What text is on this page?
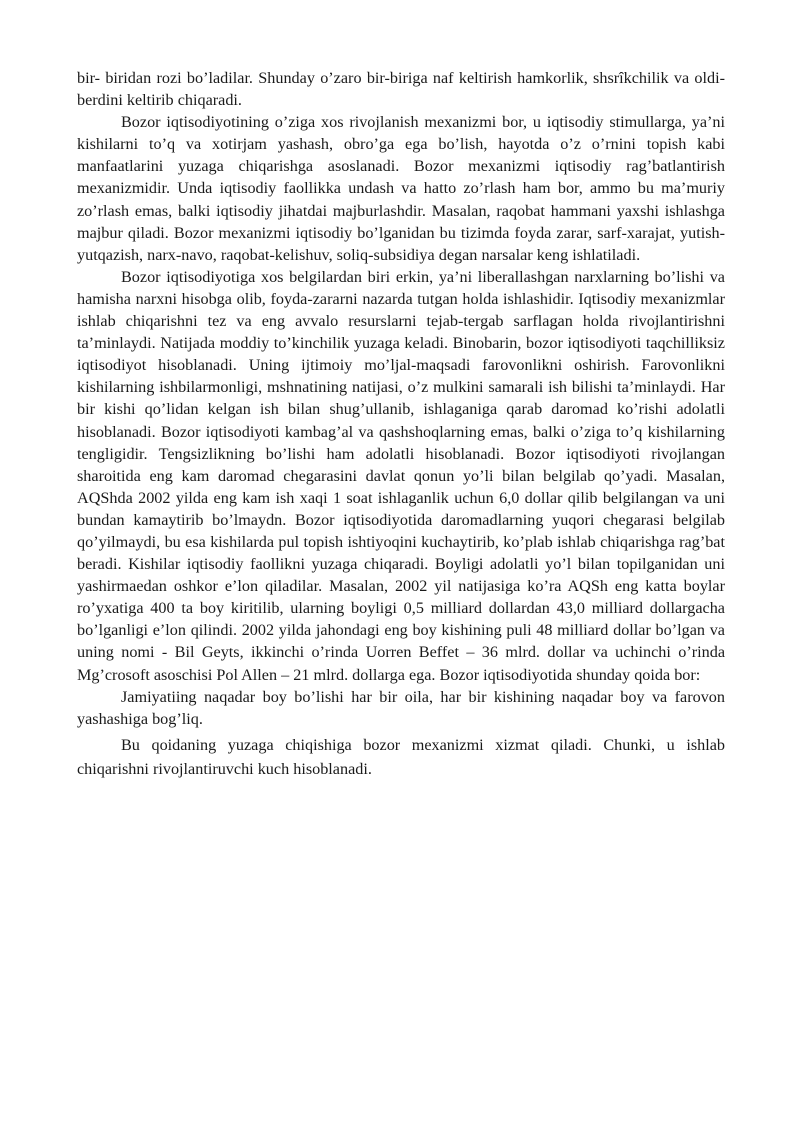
bir- biridan rozi bo’ladilar. Shunday o’zaro bir-biriga naf keltirish hamkorlik, shsrîkchilik va oldi-berdini keltirib chiqaradi.

Bozor iqtisodiyotining o’ziga xos rivojlanish mexanizmi bor, u iqtisodiy stimullarga, ya’ni kishilarni to’q va xotirjam yashash, obro’ga ega bo’lish, hayotda o’z o’rnini topish kabi manfaatlarini yuzaga chiqarishga asoslanadi. Bozor mexanizmi iqtisodiy rag’batlantirish mexanizmidir. Unda iqtisodiy faollikka undash va hatto zo’rlash ham bor, ammo bu ma’muriy zo’rlash emas, balki iqtisodiy jihatdai majburlashdir. Masalan, raqobat hammani yaxshi ishlashga majbur qiladi. Bozor mexanizmi iqtisodiy bo’lganidan bu tizimda foyda zarar, sarf-xarajat, yutish-yutqazish, narx-navo, raqobat-kelishuv, soliq-subsidiya degan narsalar keng ishlatiladi.

Bozor iqtisodiyotiga xos belgilardan biri erkin, ya’ni liberallashgan narxlarning bo’lishi va hamisha narxni hisobga olib, foyda-zararni nazarda tutgan holda ishlashidir. Iqtisodiy mexanizmlar ishlab chiqarishni tez va eng avvalo resurslarni tejab-tergab sarflagan holda rivojlantirishni ta’minlaydi. Natijada moddiy to’kinchilik yuzaga keladi. Binobarin, bozor iqtisodiyoti taqchilliksiz iqtisodiyot hisoblanadi. Uning ijtimoiy mo’ljal-maqsadi farovonlikni oshirish. Farovonlikni kishilarning ishbilarmonligi, mshnatining natijasi, o’z mulkini samarali ish bilishi ta’minlaydi. Har bir kishi qo’lidan kelgan ish bilan shug’ullanib, ishlaganiga qarab daromad ko’rishi adolatli hisoblanadi. Bozor iqtisodiyoti kambag’al va qashshoqlarning emas, balki o’ziga to’q kishilarning tengligidir. Tengsizlikning bo’lishi ham adolatli hisoblanadi. Bozor iqtisodiyoti rivojlangan sharoitida eng kam daromad chegarasini davlat qonun yo’li bilan belgilab qo’yadi. Masalan, AQShda 2002 yilda eng kam ish xaqi 1 soat ishlaganlik uchun 6,0 dollar qilib belgilangan va uni bundan kamaytirib bo’lmaydn. Bozor iqtisodiyotida daromadlarning yuqori chegarasi belgilab qo’yilmaydi, bu esa kishilarda pul topish ishtiyoqini kuchaytirib, ko’plab ishlab chiqarishga rag’bat beradi. Kishilar iqtisodiy faollikni yuzaga chiqaradi. Boyligi adolatli yo’l bilan topilganidan uni yashirmaedan oshkor e’lon qiladilar. Masalan, 2002 yil natijasiga ko’ra AQSh eng katta boylar ro’yxatiga 400 ta boy kiritilib, ularning boyligi 0,5 milliard dollardan 43,0 milliard dollargacha bo’lganligi e’lon qilindi. 2002 yilda jahondagi eng boy kishining puli 48 milliard dollar bo’lgan va uning nomi - Bil Geyts, ikkinchi o’rinda Uorren Beffet – 36 mlrd. dollar va uchinchi o’rinda Mg’crosoft asoschisi Pol Allen – 21 mlrd. dollarga ega. Bozor iqtisodiyotida shunday qoida bor:

Jamiyatiing naqadar boy bo’lishi har bir oila, har bir kishining naqadar boy va farovon yashashiga bog’liq.

Bu qoidaning yuzaga chiqishiga bozor mexanizmi xizmat qiladi. Chunki, u ishlab chiqarishni rivojlantiruvchi kuch hisoblanadi.
